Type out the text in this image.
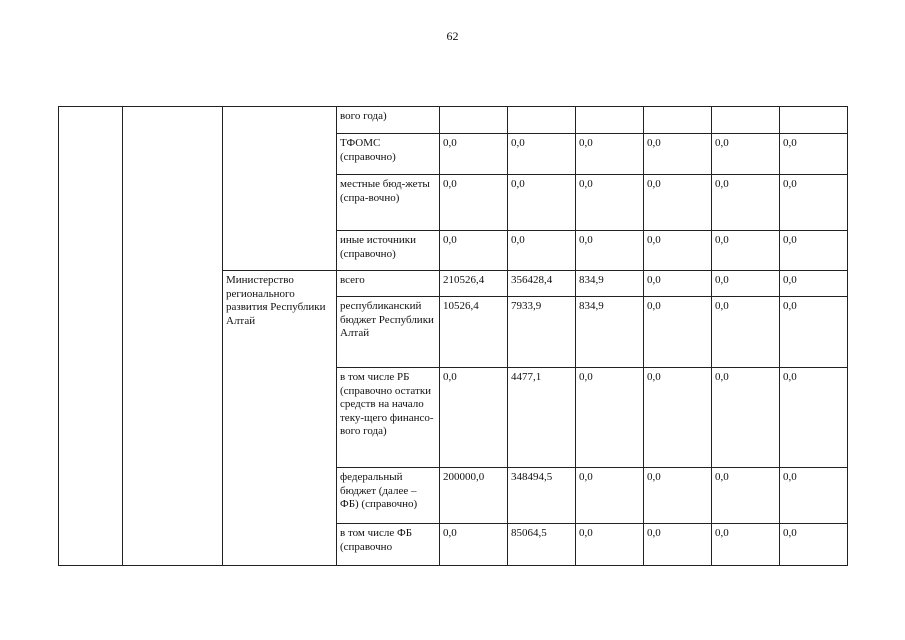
62
			вого года)						
			ТФОМС (справочно)	0,0	0,0	0,0	0,0	0,0	0,0
			местные бюд-жеты (спра-вочно)	0,0	0,0	0,0	0,0	0,0	0,0
			иные источники (справочно)	0,0	0,0	0,0	0,0	0,0	0,0
		Министерство регионального развития Республики Алтай	всего	210526,4	356428,4	834,9	0,0	0,0	0,0
			республиканский бюджет Республики Алтай	10526,4	7933,9	834,9	0,0	0,0	0,0
			в том числе РБ (справочно остатки средств на начало теку-щего финансо-вого года)	0,0	4477,1	0,0	0,0	0,0	0,0
			федеральный бюджет (далее – ФБ) (справочно)	200000,0	348494,5	0,0	0,0	0,0	0,0
			в том числе ФБ (справочно	0,0	85064,5	0,0	0,0	0,0	0,0
